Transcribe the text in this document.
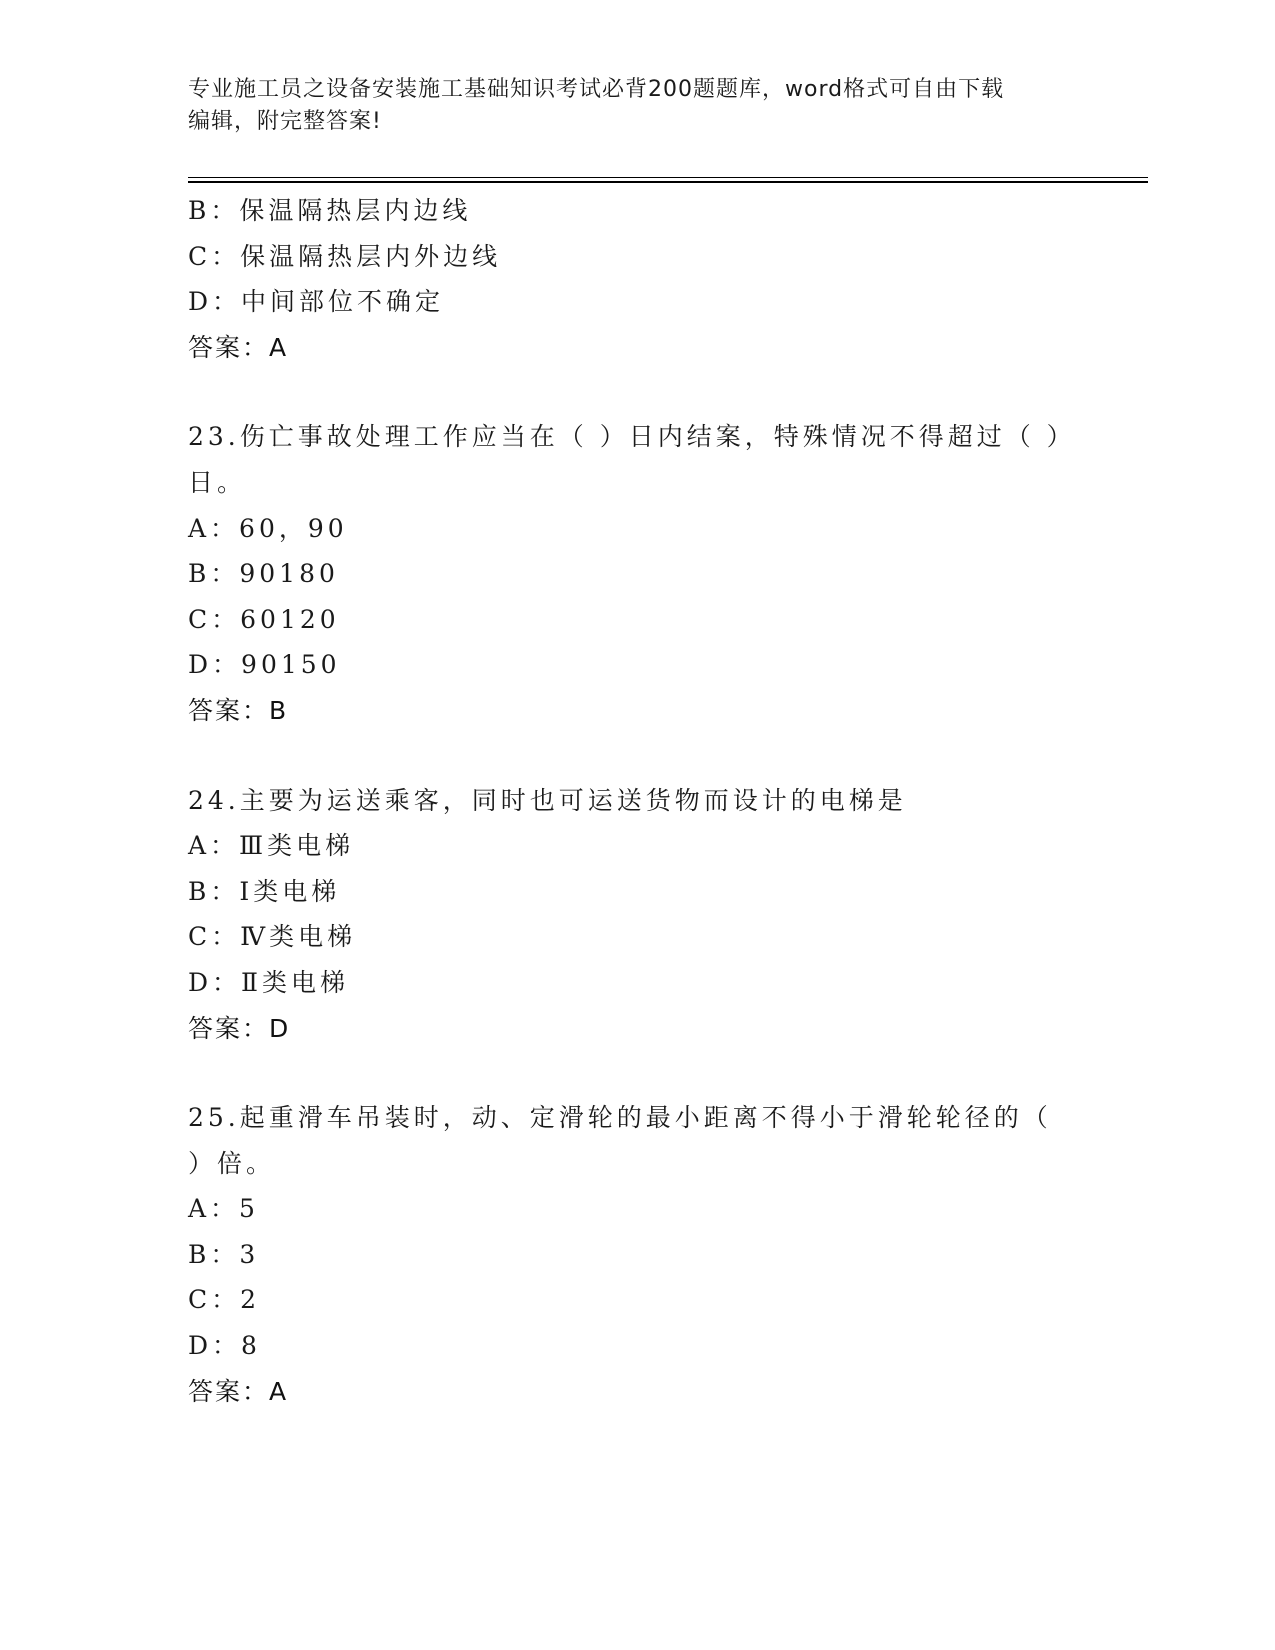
专业施工员之设备安装施工基础知识考试必背200题题库，word格式可自由下载
编辑，附完整答案!
B：保温隔热层内边线
C：保温隔热层内外边线
D：中间部位不确定
答案：A
23.伤亡事故处理工作应当在（ ）日内结案，特殊情况不得超过（ ）
日。
A：60，90
B：90180
C：60120
D：90150
答案：B
24.主要为运送乘客，同时也可运送货物而设计的电梯是
A：Ⅲ类电梯
B：Ⅰ类电梯
C：Ⅳ类电梯
D：Ⅱ类电梯
答案：D
25.起重滑车吊装时，动、定滑轮的最小距离不得小于滑轮轮径的（
）倍。
A：5
B：3
C：2
D：8
答案：A
